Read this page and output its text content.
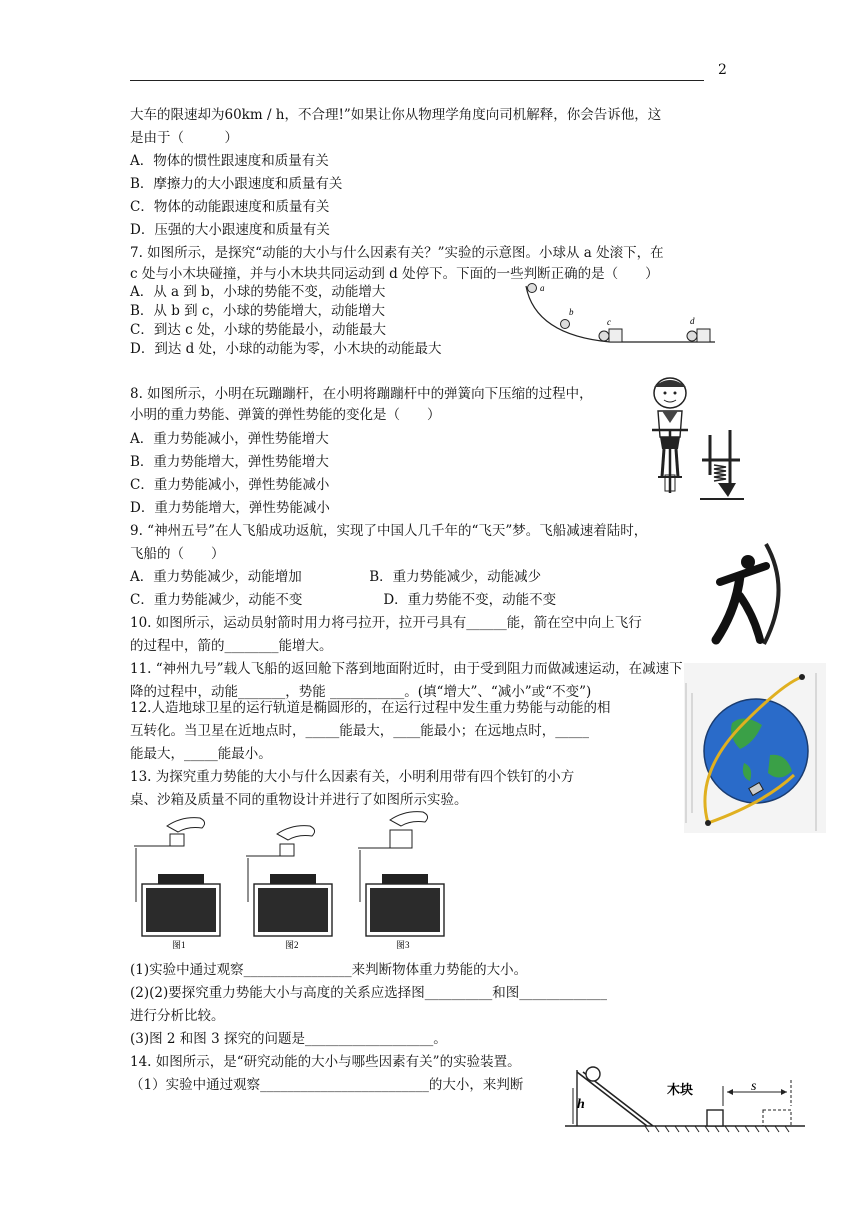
2
大车的限速却为60km / h，不合理!”如果让你从物理学角度向司机解释，你会告诉他，这
是由于（　　　）
A．物体的惯性跟速度和质量有关
B．摩擦力的大小跟速度和质量有关
C．物体的动能跟速度和质量有关
D．压强的大小跟速度和质量有关
7. 如图所示，是探究“动能的大小与什么因素有关？”实验的示意图。小球从 a 处滚下，在
c 处与小木块碰撞，并与小木块共同运动到 d 处停下。下面的一些判断正确的是（　　）
A．从 a 到 b，小球的势能不变，动能增大
B．从 b 到 c，小球的势能增大，动能增大
C．到达 c 处，小球的势能最小，动能最大
D．到达 d 处，小球的动能为零，小木块的动能最大
8. 如图所示，小明在玩蹦蹦杆，在小明将蹦蹦杆中的弹簧向下压缩的过程中，
小明的重力势能、弹簧的弹性势能的变化是（　　）
A．重力势能减小，弹性势能增大
B．重力势能增大，弹性势能增大
C．重力势能减小，弹性势能减小
D．重力势能增大，弹性势能减小
9. “神州五号”在人飞船成功返航，实现了中国人几千年的“飞天”梦。飞船减速着陆时，
飞船的（　　）
A．重力势能减少，动能增加　　　　　B．重力势能减少，动能减少
C．重力势能减少，动能不变　　　　　　D．重力势能不变，动能不变
10. 如图所示，运动员射箭时用力将弓拉开，拉开弓具有______能，箭在空中向上飞行
的过程中，箭的________能增大。
11. “神州九号”载人飞船的返回舱下落到地面附近时，由于受到阻力而做减速运动，在减速下
降的过程中，动能_______，势能 ___________。(填“增大”、“减小”或“不变”)
12.人造地球卫星的运行轨道是椭圆形的，在运行过程中发生重力势能与动能的相
互转化。当卫星在近地点时，_____能最大，____能最小；在远地点时，_____
能最大，_____能最小。
13. 为探究重力势能的大小与什么因素有关，小明利用带有四个铁钉的小方
桌、沙箱及质量不同的重物设计并进行了如图所示实验。
(1)实验中通过观察________________来判断物体重力势能的大小。
(2)(2)要探究重力势能大小与高度的关系应选择图__________和图_____________
进行分析比较。
(3)图 2 和图 3 探究的问题是___________________。
14. 如图所示，是“研究动能的大小与哪些因素有关”的实验装置。
（1）实验中通过观察_________________________的大小，来判断
a
b
c	d
图1	图2	图3
h
木块	s
